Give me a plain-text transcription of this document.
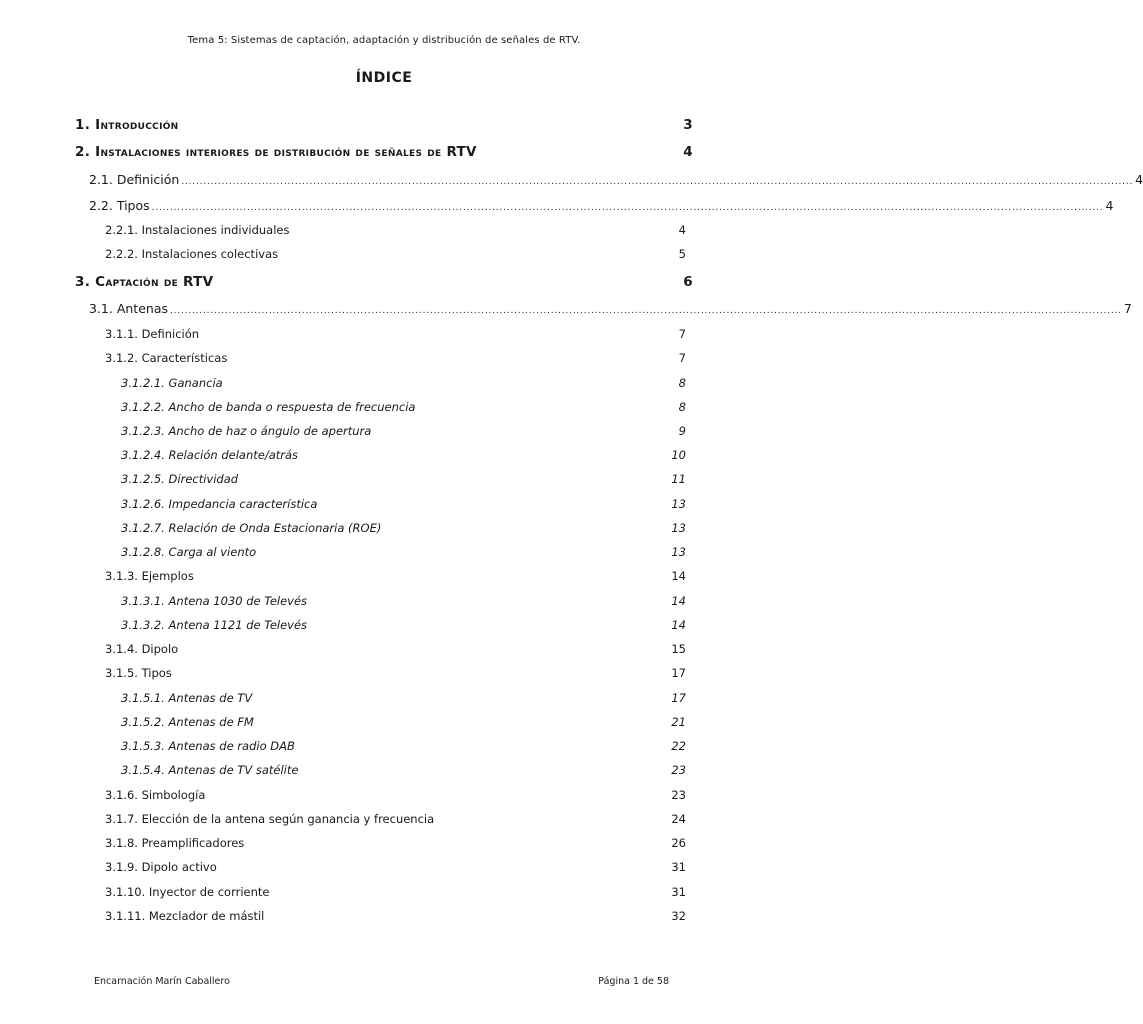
Tema 5: Sistemas de captación, adaptación y distribución de señales de RTV.
ÍNDICE
1. Introducción	3
2. Instalaciones interiores de distribución de señales de RTV	4
2.1. Definición .................................................................................................................................................................................................................................................................... 4
2.2. Tipos .................................................................................................................................................................................................................................................................... 4
2.2.1. Instalaciones individuales	4
2.2.2. Instalaciones colectivas	5
3. Captación de RTV	6
3.1. Antenas .................................................................................................................................................................................................................................................................... 7
3.1.1. Definición	7
3.1.2. Características	7
3.1.2.1. Ganancia	8
3.1.2.2. Ancho de banda o respuesta de frecuencia	8
3.1.2.3. Ancho de haz o ángulo de apertura	9
3.1.2.4. Relación delante/atrás	10
3.1.2.5. Directividad	11
3.1.2.6. Impedancia característica	13
3.1.2.7. Relación de Onda Estacionaria (ROE)	13
3.1.2.8. Carga al viento	13
3.1.3. Ejemplos	14
3.1.3.1. Antena 1030 de Televés	14
3.1.3.2. Antena 1121 de Televés	14
3.1.4. Dipolo	15
3.1.5. Tipos	17
3.1.5.1. Antenas de TV	17
3.1.5.2. Antenas de FM	21
3.1.5.3. Antenas de radio DAB	22
3.1.5.4. Antenas de TV satélite	23
3.1.6. Simbología	23
3.1.7. Elección de la antena según ganancia y frecuencia	24
3.1.8. Preamplificadores	26
3.1.9. Dipolo activo	31
3.1.10. Inyector de corriente	31
3.1.11. Mezclador de mástil	32
Encarnación Marín Caballero	Página 1 de 58
